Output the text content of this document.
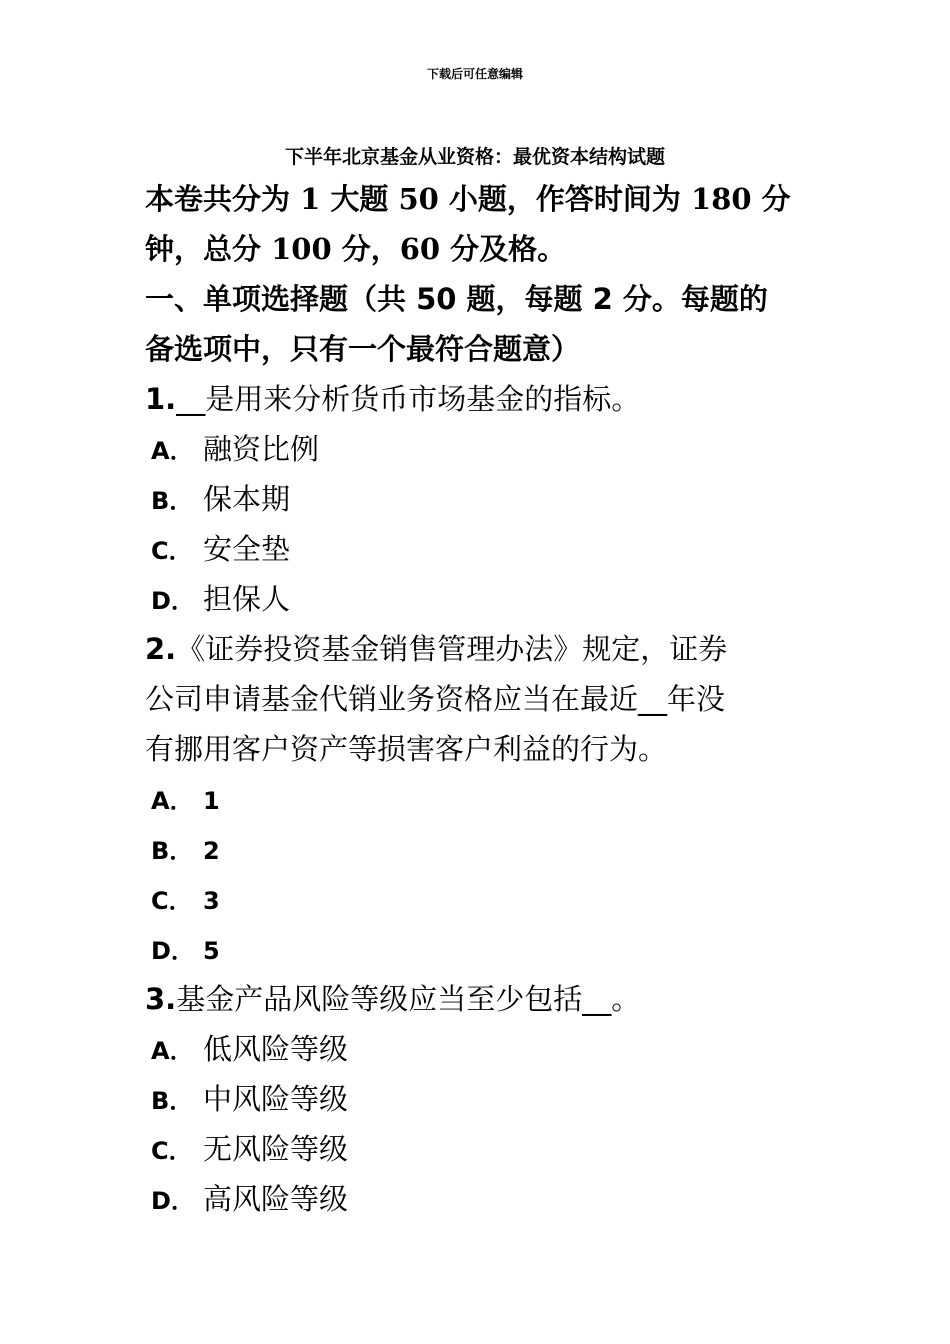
下载后可任意编辑
下半年北京基金从业资格：最优资本结构试题
本卷共分为 1 大题 50 小题，作答时间为 180 分
钟，总分 100 分，60 分及格。
一、单项选择题（共 50 题，每题 2 分。每题的
备选项中，只有一个最符合题意）
1.__是用来分析货币市场基金的指标。
A． 融资比例
B． 保本期
C． 安全垫
D． 担保人
2.《证券投资基金销售管理办法》规定，证券
公司申请基金代销业务资格应当在最近__年没
有挪用客户资产等损害客户利益的行为。
A． 1
B． 2
C． 3
D． 5
3.基金产品风险等级应当至少包括__。
A． 低风险等级
B． 中风险等级
C． 无风险等级
D． 高风险等级
